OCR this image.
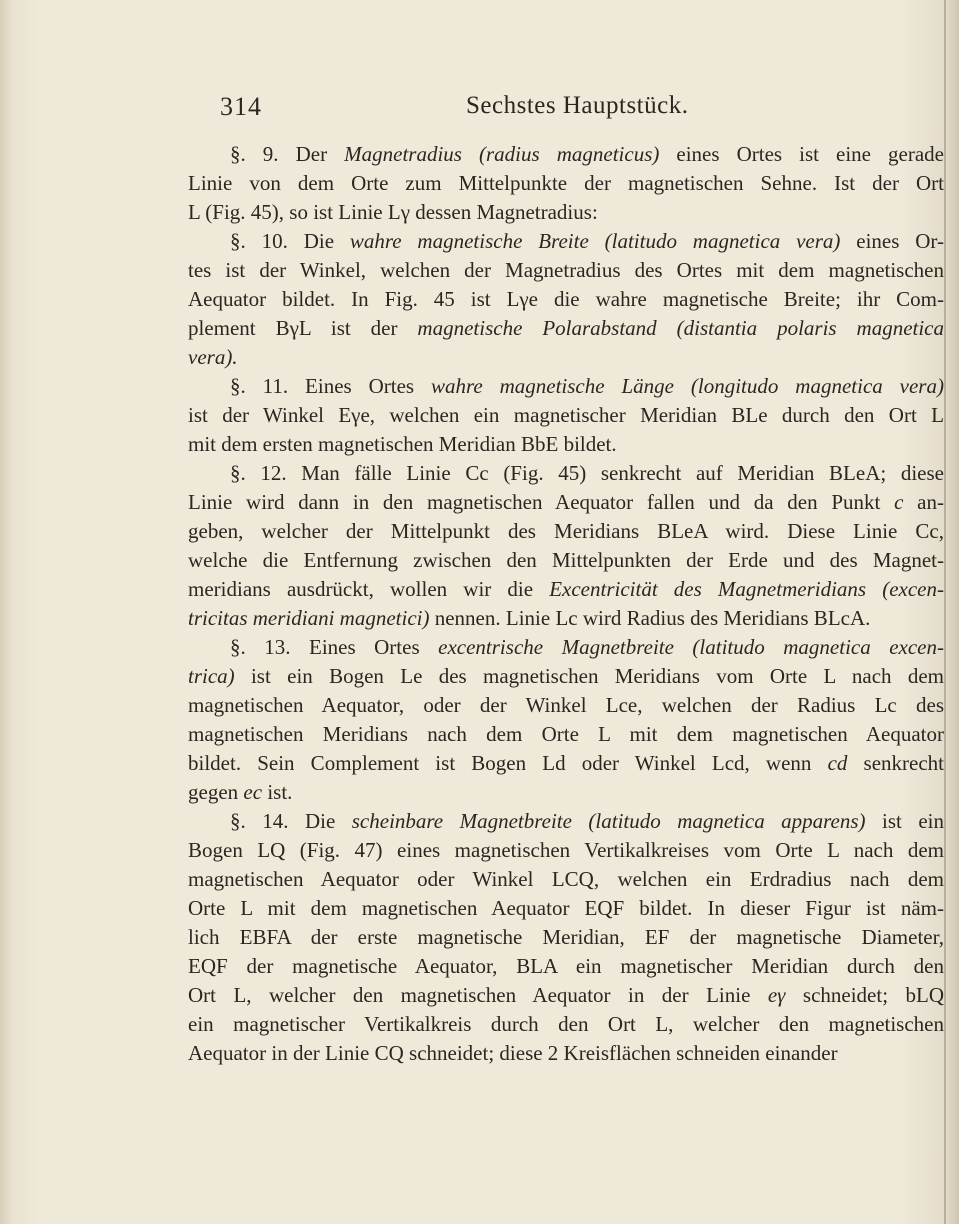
314	Sechstes Hauptstück.
§. 9. Der Magnetradius (radius magneticus) eines Ortes ist eine gerade
Linie von dem Orte zum Mittelpunkte der magnetischen Sehne. Ist der Ort
L (Fig. 45), so ist Linie Lγ dessen Magnetradius:
§. 10. Die wahre magnetische Breite (latitudo magnetica vera) eines Or-
tes ist der Winkel, welchen der Magnetradius des Ortes mit dem magnetischen
Aequator bildet. In Fig. 45 ist Lγe die wahre magnetische Breite; ihr Com-
plement BγL ist der magnetische Polarabstand (distantia polaris magnetica
vera).
§. 11. Eines Ortes wahre magnetische Länge (longitudo magnetica vera)
ist der Winkel Eγe, welchen ein magnetischer Meridian BLe durch den Ort L
mit dem ersten magnetischen Meridian BbE bildet.
§. 12. Man fälle Linie Cc (Fig. 45) senkrecht auf Meridian BLeA; diese
Linie wird dann in den magnetischen Aequator fallen und da den Punkt c an-
geben, welcher der Mittelpunkt des Meridians BLeA wird. Diese Linie Cc,
welche die Entfernung zwischen den Mittelpunkten der Erde und des Magnet-
meridians ausdrückt, wollen wir die Excentricität des Magnetmeridians (excen-
tricitas meridiani magnetici) nennen. Linie Lc wird Radius des Meridians BLcA.
§. 13. Eines Ortes excentrische Magnetbreite (latitudo magnetica excen-
trica) ist ein Bogen Le des magnetischen Meridians vom Orte L nach dem
magnetischen Aequator, oder der Winkel Lce, welchen der Radius Lc des
magnetischen Meridians nach dem Orte L mit dem magnetischen Aequator
bildet. Sein Complement ist Bogen Ld oder Winkel Lcd, wenn cd senkrecht
gegen ec ist.
§. 14. Die scheinbare Magnetbreite (latitudo magnetica apparens) ist ein
Bogen LQ (Fig. 47) eines magnetischen Vertikalkreises vom Orte L nach dem
magnetischen Aequator oder Winkel LCQ, welchen ein Erdradius nach dem
Orte L mit dem magnetischen Aequator EQF bildet. In dieser Figur ist näm-
lich EBFA der erste magnetische Meridian, EF der magnetische Diameter,
EQF der magnetische Aequator, BLA ein magnetischer Meridian durch den
Ort L, welcher den magnetischen Aequator in der Linie eγ schneidet; bLQ
ein magnetischer Vertikalkreis durch den Ort L, welcher den magnetischen
Aequator in der Linie CQ schneidet; diese 2 Kreisflächen schneiden einander
